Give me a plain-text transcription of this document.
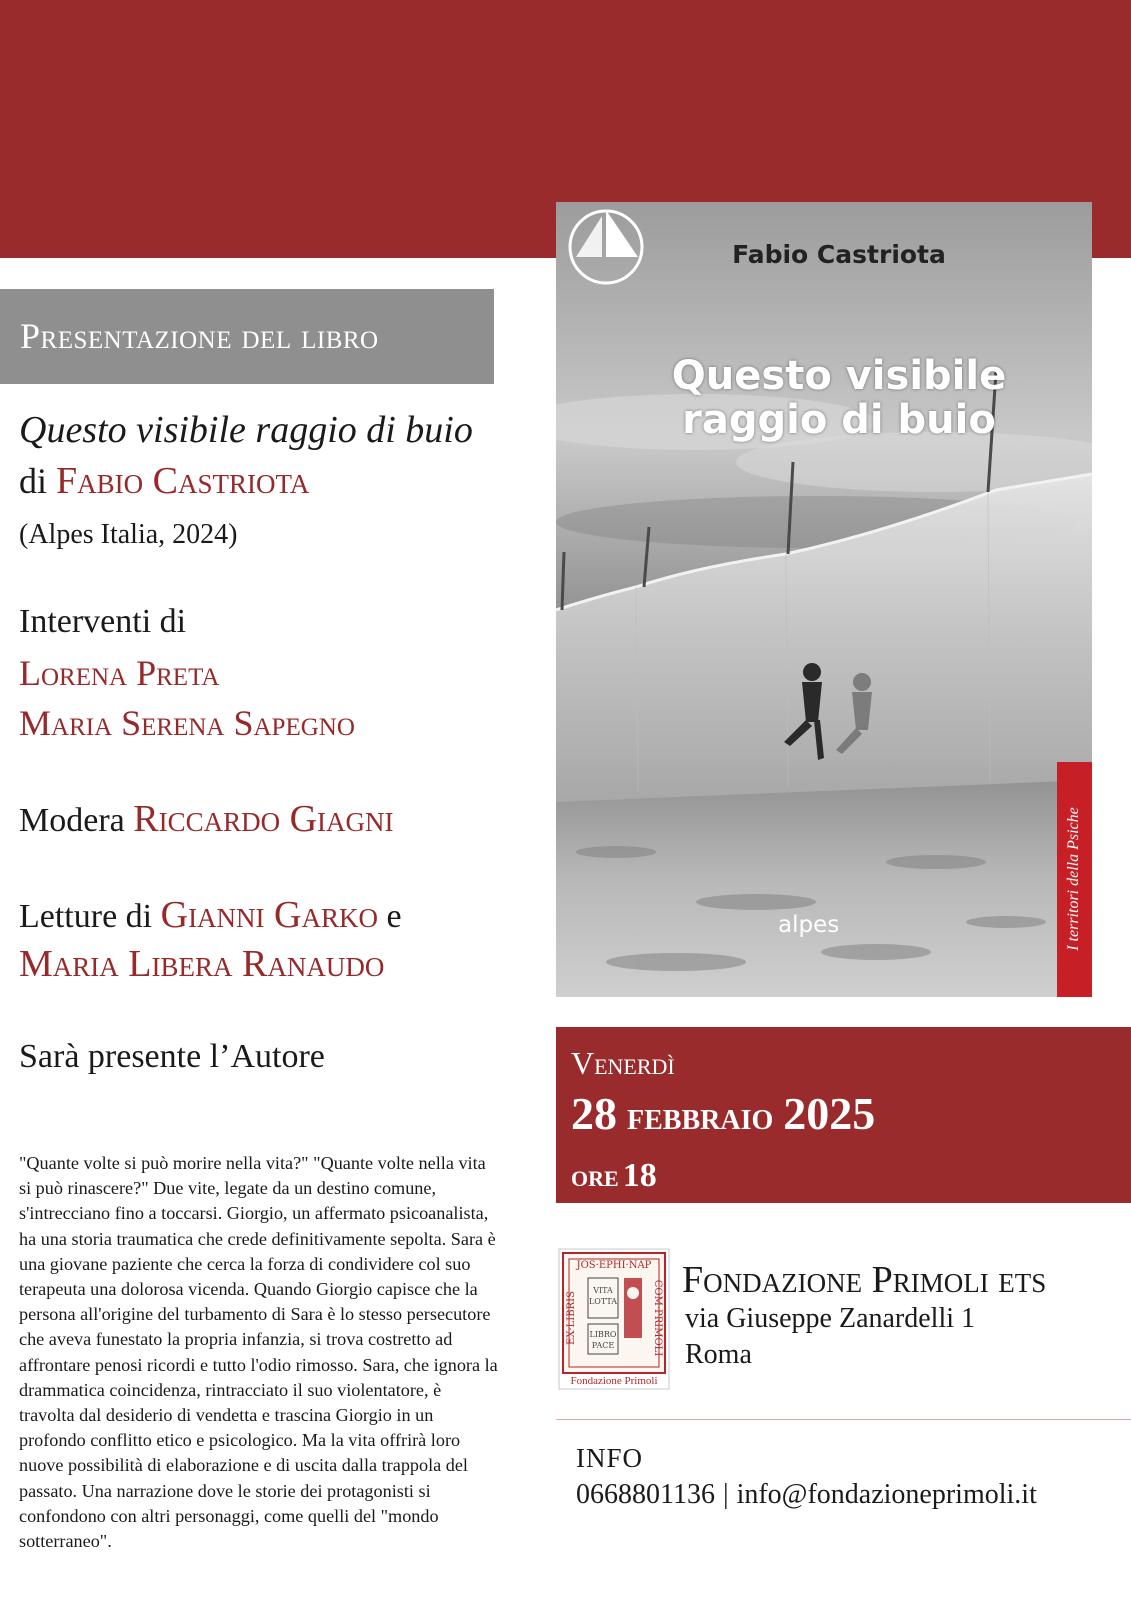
Presentazione del libro
Questo visibile raggio di buio
di Fabio Castriota
(Alpes Italia, 2024)
Interventi di
Lorena Preta
Maria Serena Sapegno
Modera Riccardo Giagni
Letture di Gianni Garko e
Maria Libera Ranaudo
Sarà presente l’Autore

"Quante volte si può morire nella vita?" "Quante volte nella vita si può rinascere?" Due vite, legate da un destino comune, s'intrecciano fino a toccarsi. Giorgio, un affermato psicoanalista, ha una storia traumatica che crede definitivamente sepolta. Sara è una giovane paziente che cerca la forza di condividere col suo terapeuta una dolorosa vicenda. Quando Giorgio capisce che la persona all'origine del turbamento di Sara è lo stesso persecutore che aveva funestato la propria infanzia, si trova costretto ad affrontare penosi ricordi e tutto l'odio rimosso. Sara, che ignora la drammatica coincidenza, rintracciato il suo violentatore, è travolta dal desiderio di vendetta e trascina Giorgio in un profondo conflitto etico e psicologico. Ma la vita offrirà loro nuove possibilità di elaborazione e di uscita dalla trappola del passato. Una narrazione dove le storie dei protagonisti si confondono con altri personaggi, come quelli del "mondo sotterraneo".

Fabio Castriota
Questo visibile
raggio di buio
alpes	I territori della Psiche
Venerdì
28 febbraio 2025
ore 18
JOS·EPHI·NAP
EX·LIBRIS	COM·PRIMOLI
VITA
LOTTA
LIBRO
PACE
Fondazione Primoli
Fondazione Primoli ets
via Giuseppe Zanardelli 1
Roma
INFO
0668801136 | info@fondazioneprimoli.it
